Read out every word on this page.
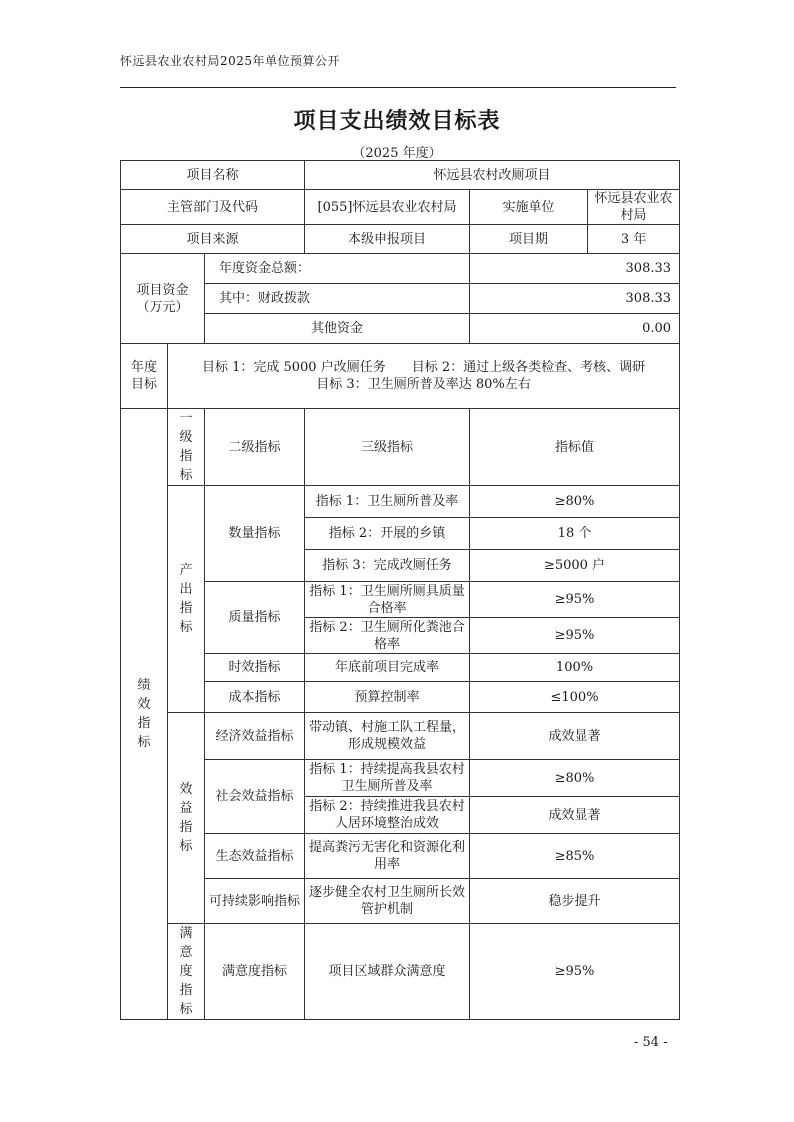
怀远县农业农村局2025年单位预算公开
项目支出绩效目标表
（2025 年度）
项目名称			怀远县农村改厕项目		
主管部门及代码			[055]怀远县农业农村局	实施单位	怀远县农业农村局
项目来源			本级申报项目	项目期	3 年
项目资金
（万元）		年度资金总额：		308.33	
		其中：财政拨款		308.33	
		其他资金		0.00	
年度目标	目标 1：完成 5000 户改厕任务　　目标 2：通过上级各类检查、考核、调研
目标 3：卫生厕所普及率达 80%左右				

绩效指标	一级指标	二级指标	三级指标	指标值	
	产出指标	数量指标	指标 1：卫生厕所普及率	≥80%	
			指标 2：开展的乡镇	18 个	
			指标 3：完成改厕任务	≥5000 户	
		质量指标	指标 1：卫生厕所厕具质量合格率	≥95%	
			指标 2：卫生厕所化粪池合格率	≥95%	
		时效指标	年底前项目完成率	100%	
		成本指标	预算控制率	≤100%	
	效益指标	经济效益指标	带动镇、村施工队工程量，形成规模效益	成效显著	
		社会效益指标	指标 1：持续提高我县农村卫生厕所普及率	≥80%	
			指标 2：持续推进我县农村人居环境整治成效	成效显著	
		生态效益指标	提高粪污无害化和资源化利用率	≥85%	
		可持续影响指标	逐步健全农村卫生厕所长效管护机制	稳步提升	
	满意度指标	满意度指标	项目区域群众满意度	≥95%	
- 54 -
